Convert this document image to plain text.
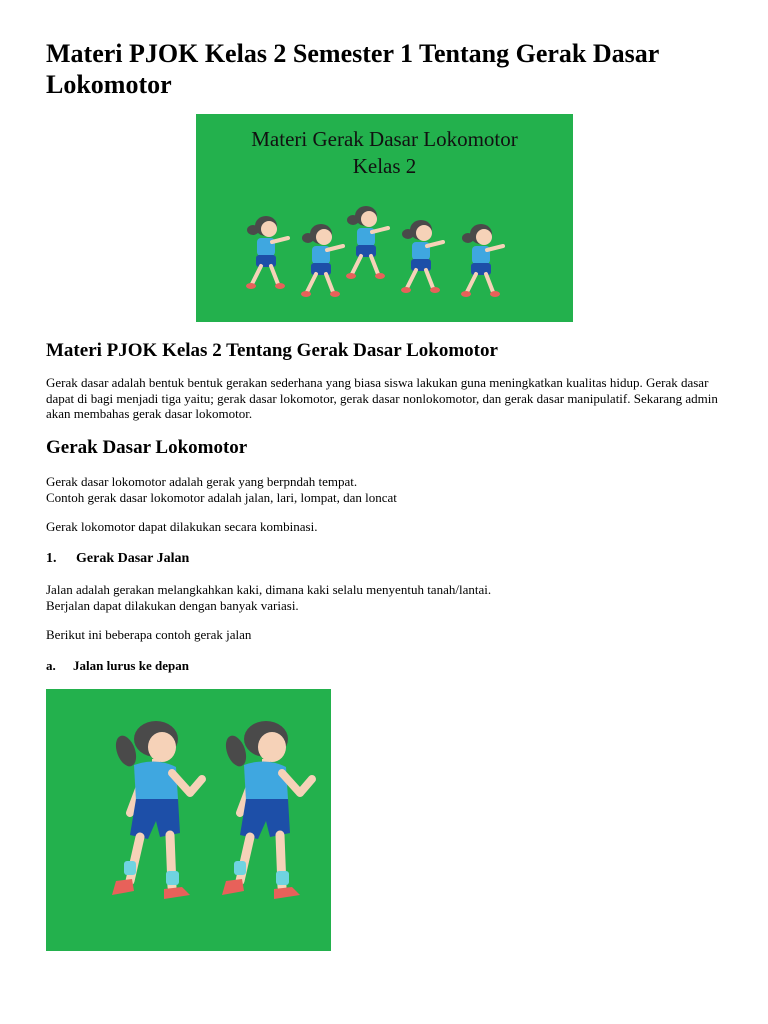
Materi PJOK Kelas 2 Semester 1 Tentang Gerak Dasar Lokomotor
Materi Gerak Dasar Lokomotor
Kelas 2
Materi PJOK Kelas 2 Tentang Gerak Dasar Lokomotor

Gerak dasar adalah bentuk bentuk gerakan sederhana yang biasa siswa lakukan guna meningkatkan kualitas hidup. Gerak dasar dapat di bagi menjadi tiga yaitu; gerak dasar lokomotor, gerak dasar nonlokomotor, dan gerak dasar manipulatif. Sekarang admin akan membahas gerak dasar lokomotor.

Gerak Dasar Lokomotor

Gerak dasar lokomotor adalah gerak yang berpndah tempat.

Contoh gerak dasar lokomotor adalah jalan, lari, lompat, dan loncat

Gerak lokomotor dapat dilakukan secara kombinasi.

1. Gerak Dasar Jalan

Jalan adalah gerakan melangkahkan kaki, dimana kaki selalu menyentuh tanah/lantai.

Berjalan dapat dilakukan dengan banyak variasi.

Berikut ini beberapa contoh gerak jalan

a. Jalan lurus ke depan
